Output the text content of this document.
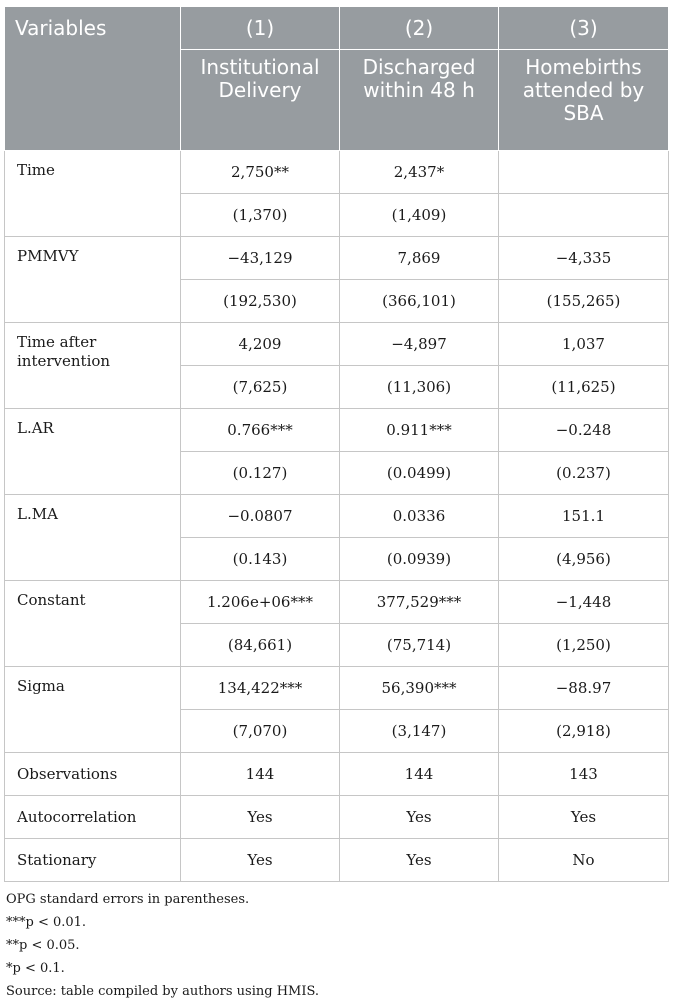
Variables	(1)	(2)	(3)
	Institutional Delivery	Discharged within 48 h	Homebirths attended by SBA
Time	2,750**	2,437*	
	(1,370)	(1,409)	
PMMVY	−43,129	7,869	−4,335
	(192,530)	(366,101)	(155,265)
Time after intervention	4,209	−4,897	1,037
	(7,625)	(11,306)	(11,625)
L.AR	0.766***	0.911***	−0.248
	(0.127)	(0.0499)	(0.237)
L.MA	−0.0807	0.0336	151.1
	(0.143)	(0.0939)	(4,956)
Constant	1.206e+06***	377,529***	−1,448
	(84,661)	(75,714)	(1,250)
Sigma	134,422***	56,390***	−88.97
	(7,070)	(3,147)	(2,918)
Observations	144	144	143
Autocorrelation	Yes	Yes	Yes
Stationary	Yes	Yes	No
OPG standard errors in parentheses.
***p < 0.01.
**p < 0.05.
*p < 0.1.
Source: table compiled by authors using HMIS.
